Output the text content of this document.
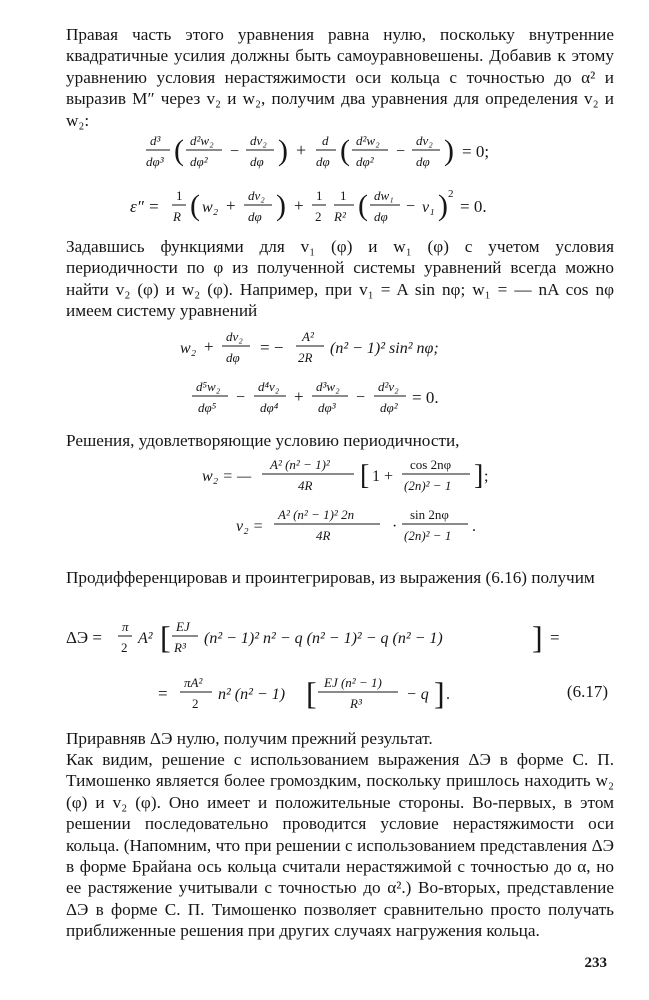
Правая часть этого уравнения равна нулю, поскольку внутренние квадратичные усилия должны быть самоуравновешены. Добавив к этому уравнению условия нерастяжимости оси кольца с точностью до α² и выразив M″ через v₂ и w₂, получим два уравнения для определения v₂ и w₂:
d³
dφ³ ( d²w₂
dφ²
−
dv₂
dφ ) + d
dφ ( d²w₂
dφ²
−
dv₂
dφ ) = 0;
ε″ =
1
R ( w₂ +
dv₂
dφ ) +
1
2
1
R² ( dw₁
dφ
− v₁ ) 2
= 0.
Задавшись функциями для v₁ (φ) и w₁ (φ) с учетом условия периодичности по φ из полученной системы уравнений всегда можно найти v₂ (φ) и w₂ (φ). Например, при v₁ = A sin nφ; w₁ = — nA cos nφ имеем систему уравнений
w₂ +
dv₂
dφ
= −
A²
2R
(n² − 1)² sin² nφ;
d⁵w₂
dφ⁵
−
d⁴v₂
dφ⁴
+
d³w₂
dφ³
−
d²v₂
dφ²
= 0.
Решения, удовлетворяющие условию периодичности,
w₂ = —
A² (n² − 1)²
4R [ 1 +
cos 2nφ
(2n)² − 1 ] ;
v₂ =
A² (n² − 1)² 2n
4R
·
sin 2nφ
(2n)² − 1
.
Продифференцировав и проинтегрировав, из выражения (6.16) получим
ΔЭ =
π
2
A² [ EJ
R³
(n² − 1)² n² − q (n² − 1)² − q (n² − 1)	] =
=
πA²
2
n² (n² − 1) [ EJ (n² − 1)
R³
− q ] .	(6.17)
Приравняв ΔЭ нулю, получим прежний результат.
Как видим, решение с использованием выражения ΔЭ в форме С. П. Тимошенко является более громоздким, поскольку пришлось находить w₂ (φ) и v₂ (φ). Оно имеет и положительные стороны. Во-первых, в этом решении последовательно проводится условие нерастяжимости оси кольца. (Напомним, что при решении с использованием представления ΔЭ в форме Брайана ось кольца считали нерастяжимой с точностью до α, но ее растяжение учитывали с точностью до α².) Во-вторых, представление ΔЭ в форме С. П. Тимошенко позволяет сравнительно просто получать приближенные решения при других случаях нагружения кольца.
233
